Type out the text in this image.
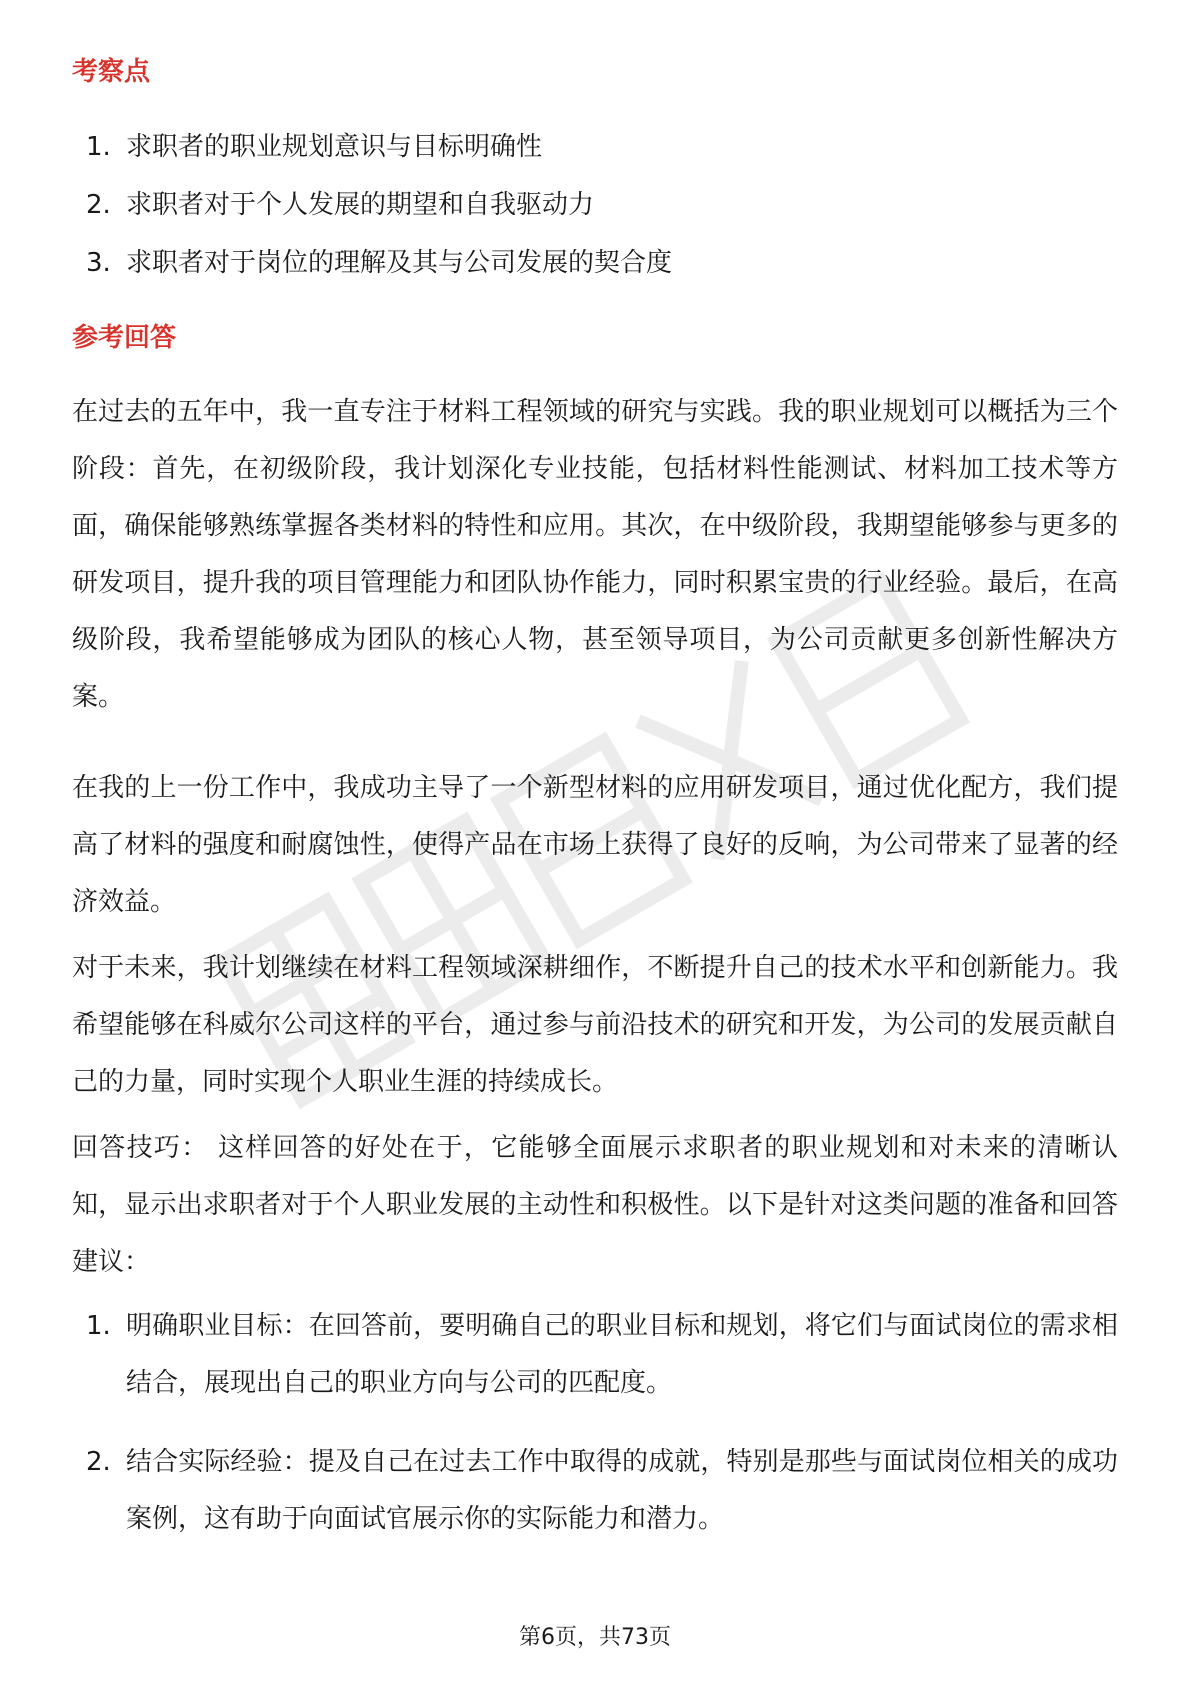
考察点
1. 求职者的职业规划意识与目标明确性
2. 求职者对于个人发展的期望和自我驱动力
3. 求职者对于岗位的理解及其与公司发展的契合度
参考回答

在过去的五年中，我一直专注于材料工程领域的研究与实践。我的职业规划可以概括为三个阶段：首先，在初级阶段，我计划深化专业技能，包括材料性能测试、材料加工技术等方面，确保能够熟练掌握各类材料的特性和应用。其次，在中级阶段，我期望能够参与更多的研发项目，提升我的项目管理能力和团队协作能力，同时积累宝贵的行业经验。最后，在高级阶段，我希望能够成为团队的核心人物，甚至领导项目，为公司贡献更多创新性解决方案。

在我的上一份工作中，我成功主导了一个新型材料的应用研发项目，通过优化配方，我们提高了材料的强度和耐腐蚀性，使得产品在市场上获得了良好的反响，为公司带来了显著的经济效益。

对于未来，我计划继续在材料工程领域深耕细作，不断提升自己的技术水平和创新能力。我希望能够在科威尔公司这样的平台，通过参与前沿技术的研究和开发，为公司的发展贡献自己的力量，同时实现个人职业生涯的持续成长。

回答技巧： 这样回答的好处在于，它能够全面展示求职者的职业规划和对未来的清晰认知，显示出求职者对于个人职业发展的主动性和积极性。以下是针对这类问题的准备和回答建议：

1. 明确职业目标：在回答前，要明确自己的职业目标和规划，将它们与面试岗位的需求相结合，展现出自己的职业方向与公司的匹配度。
2. 结合实际经验：提及自己在过去工作中取得的成就，特别是那些与面试岗位相关的成功案例，这有助于向面试官展示你的实际能力和潜力。
第6页，共73页
